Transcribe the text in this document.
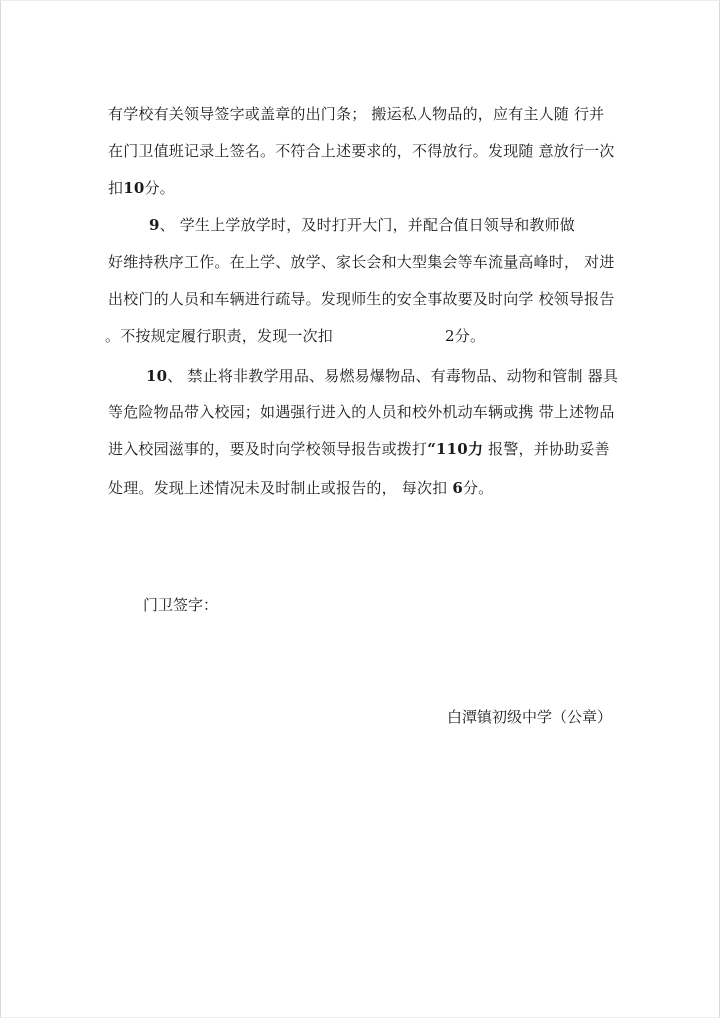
有学校有关领导签字或盖章的出门条； 搬运私人物品的，应有主人随 行并
在门卫值班记录上签名。不符合上述要求的，不得放行。发现随 意放行一次
扣10分。
9、 学生上学放学时，及时打开大门，并配合值日领导和教师做
好维持秩序工作。在上学、放学、家长会和大型集会等车流量高峰时， 对进
出校门的人员和车辆进行疏导。发现师生的安全事故要及时向学 校领导报告
。不按规定履行职责，发现一次扣	2分。
10、 禁止将非教学用品、易燃易爆物品、有毒物品、动物和管制 器具
等危险物品带入校园；如遇强行进入的人员和校外机动车辆或携 带上述物品
进入校园滋事的，要及时向学校领导报告或拨打“110力 报警，并协助妥善
处理。发现上述情况未及时制止或报告的， 每次扣 6分。
门卫签字：
白潭镇初级中学（公章）
